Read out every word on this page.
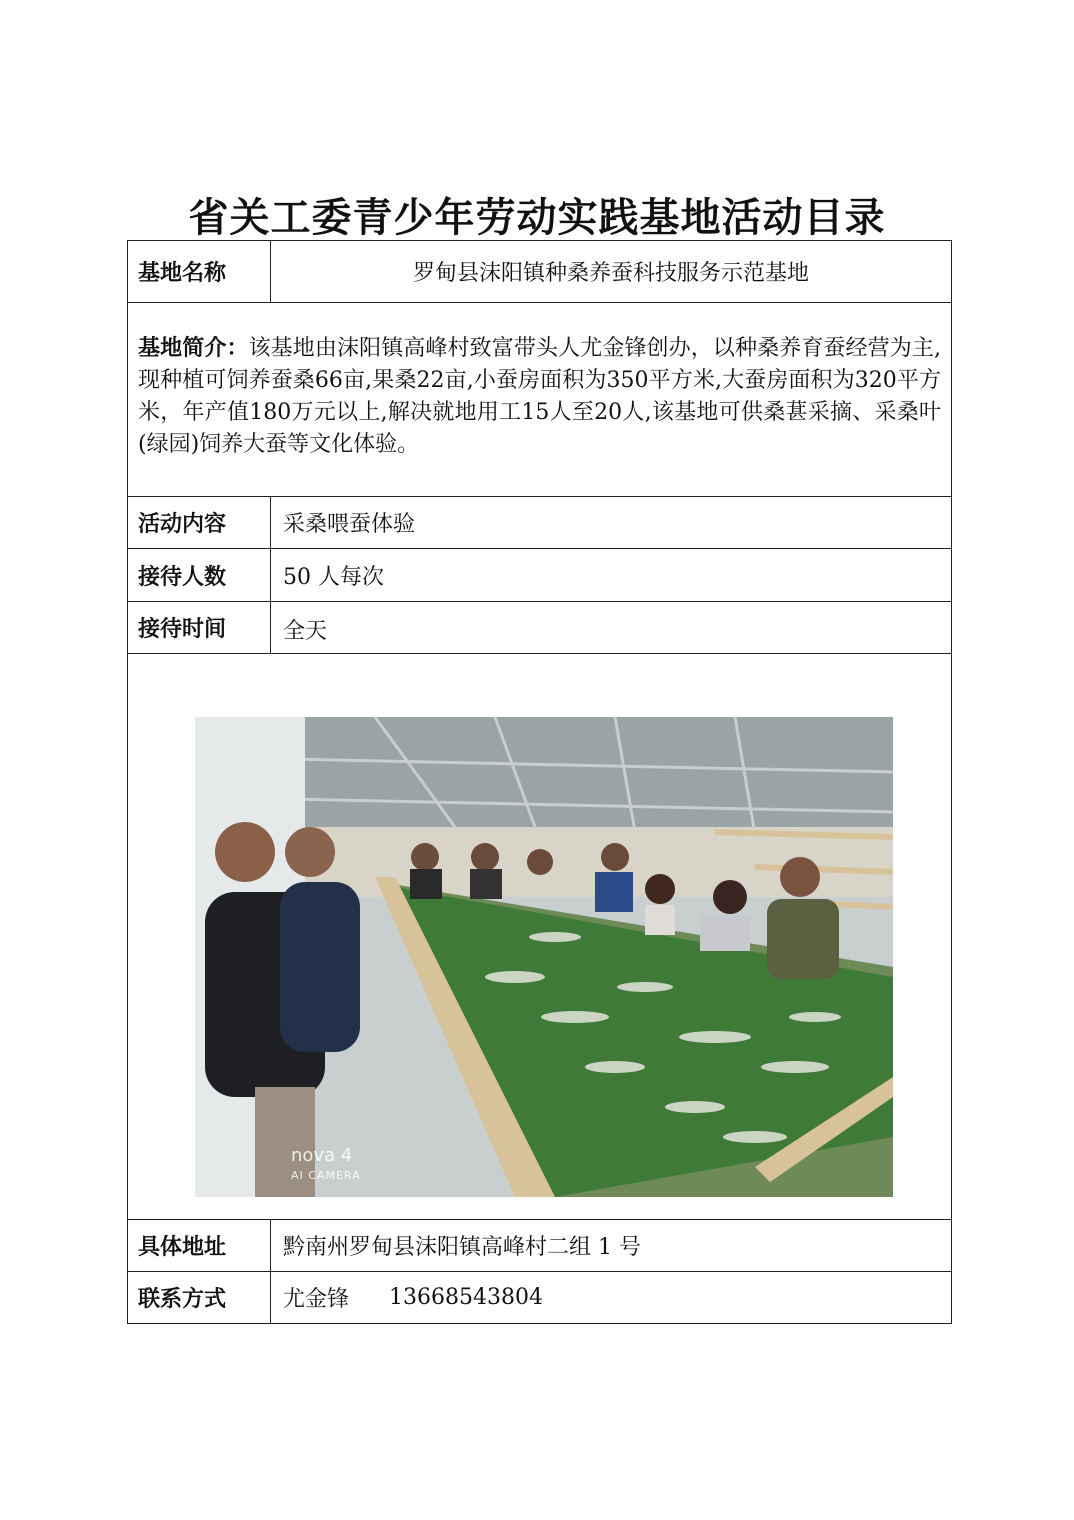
省关工委青少年劳动实践基地活动目录
基地名称	罗甸县沫阳镇种桑养蚕科技服务示范基地
基地简介：该基地由沫阳镇高峰村致富带头人尤金锋创办，以种桑养育蚕经营为主,现种植可饲养蚕桑66亩,果桑22亩,小蚕房面积为350平方米,大蚕房面积为320平方米，年产值180万元以上,解决就地用工15人至20人,该基地可供桑葚采摘、采桑叶(绿园)饲养大蚕等文化体验。
活动内容	采桑喂蚕体验
接待人数	50 人每次
接待时间	全天
nova 4
AI CAMERA
具体地址	黔南州罗甸县沫阳镇高峰村二组 1 号
联系方式	尤金锋 13668543804
